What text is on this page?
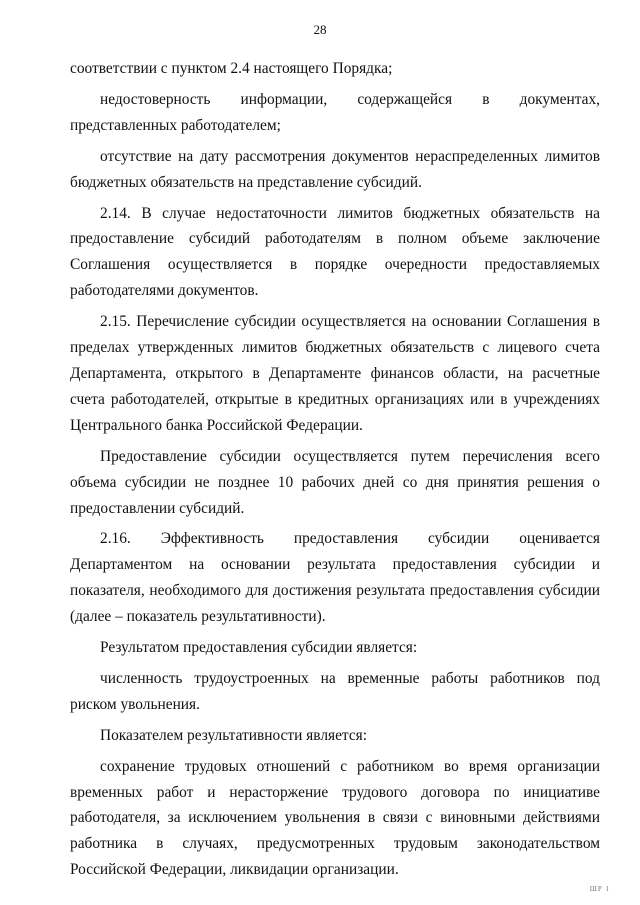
28

соответствии с пунктом 2.4 настоящего Порядка;

недостоверность информации, содержащейся в документах, представленных работодателем;

отсутствие на дату рассмотрения документов нераспределенных лимитов бюджетных обязательств на представление субсидий.

2.14. В случае недостаточности лимитов бюджетных обязательств на предоставление субсидий работодателям в полном объеме заключение Соглашения осуществляется в порядке очередности предоставляемых работодателями документов.

2.15. Перечисление субсидии осуществляется на основании Соглашения в пределах утвержденных лимитов бюджетных обязательств с лицевого счета Департамента, открытого в Департаменте финансов области, на расчетные счета работодателей, открытые в кредитных организациях или в учреждениях Центрального банка Российской Федерации.

Предоставление субсидии осуществляется путем перечисления всего объема субсидии не позднее 10 рабочих дней со дня принятия решения о предоставлении субсидий.

2.16. Эффективность предоставления субсидии оценивается Департаментом на основании результата предоставления субсидии и показателя, необходимого для достижения результата предоставления субсидии (далее – показатель результативности).

Результатом предоставления субсидии является:

численность трудоустроенных на временные работы работников под риском увольнения.

Показателем результативности является:

сохранение трудовых отношений с работником во время организации временных работ и нерасторжение трудового договора по инициативе работодателя, за исключением увольнения в связи с виновными действиями работника в случаях, предусмотренных трудовым законодательством Российской Федерации, ликвидации организации.

ШР 1
